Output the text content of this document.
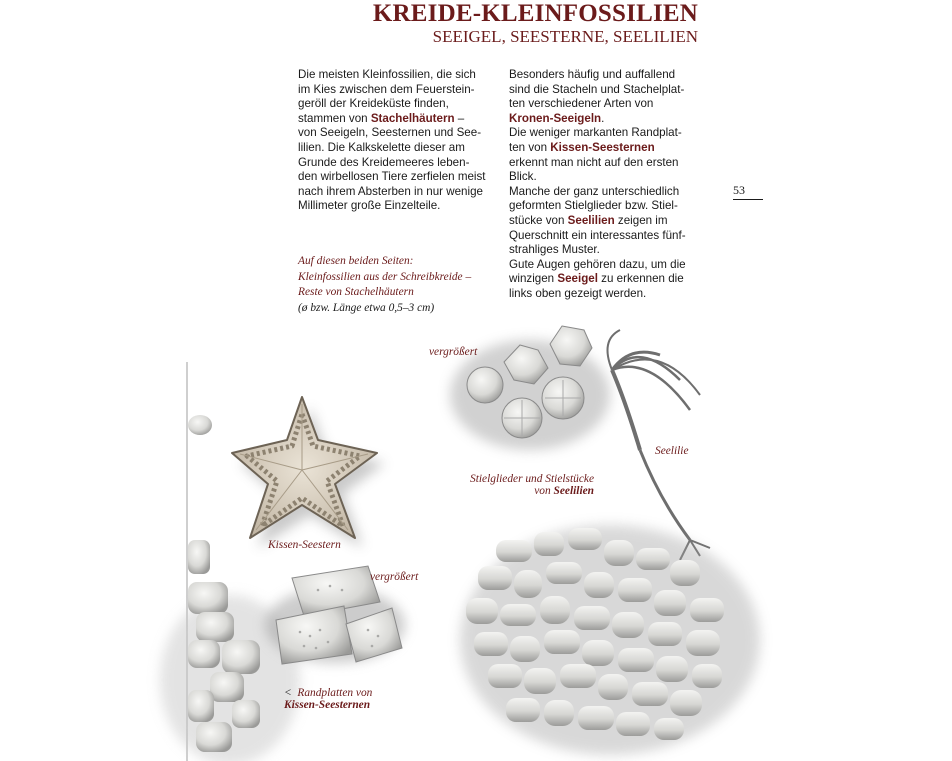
KREIDE-KLEINFOSSILIEN
SEEIGEL, SEESTERNE, SEELILIEN

Die meisten Kleinfossilien, die sich

im Kies zwischen dem Feuerstein-

geröll der Kreideküste finden,

stammen von Stachelhäutern –

von Seeigeln, Seesternen und See-

lilien. Die Kalkskelette dieser am

Grunde des Kreidemeeres leben-

den wirbellosen Tiere zerfielen meist

nach ihrem Absterben in nur wenige

Millimeter große Einzelteile.

Besonders häufig und auffallend

sind die Stacheln und Stachelplat-

ten verschiedener Arten von

Kronen-Seeigeln.

Die weniger markanten Randplat-

ten von Kissen-Seesternen

erkennt man nicht auf den ersten

Blick.

Manche der ganz unterschiedlich

geformten Stielglieder bzw. Stiel-

stücke von Seelilien zeigen im

Querschnitt ein interessantes fünf-

strahliges Muster.

Gute Augen gehören dazu, um die

winzigen Seeigel zu erkennen die

links oben gezeigt werden.

53
Auf diesen beiden Seiten:
Kleinfossilien aus der Schreibkreide –
Reste von Stachelhäutern
(ø bzw. Länge etwa 0,5–3 cm)
vergrößert
Seelilie
Stielglieder und Stielstücke
von Seelilien
Kissen-Seestern
vergrößert
< Randplatten von
Kissen-Seesternen
